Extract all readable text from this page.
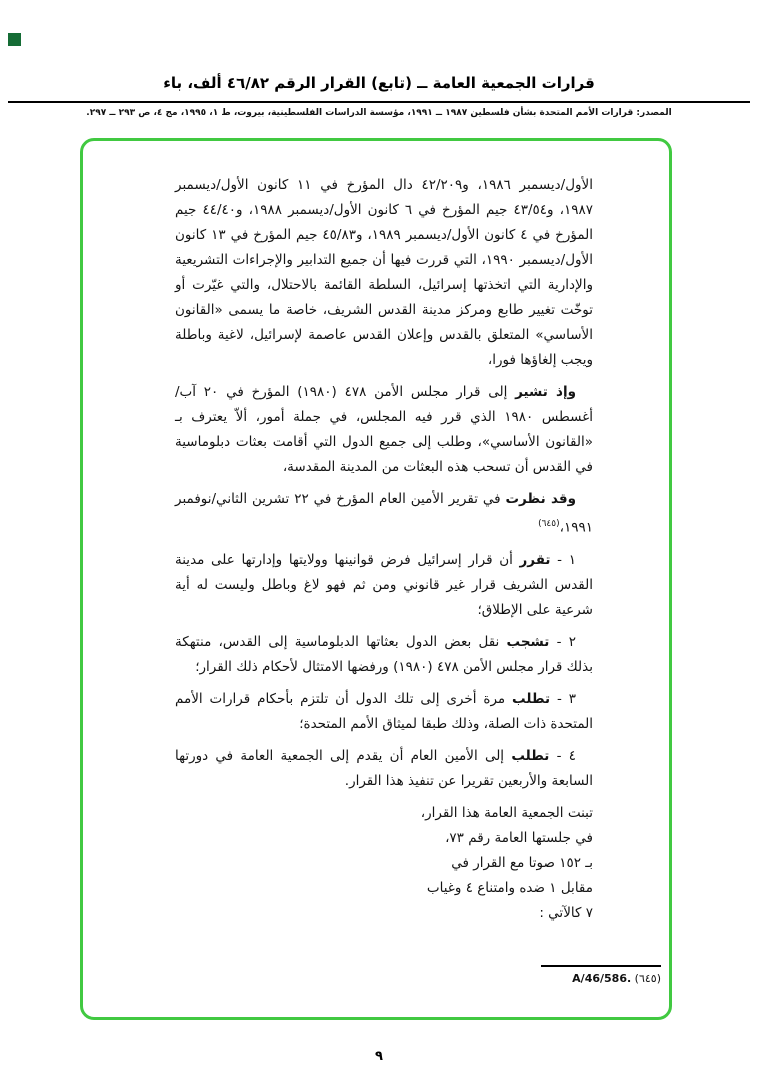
قرارات الجمعية العامة ــ (تابع) القرار الرقم ٤٦/٨٢ ألف، باء
المصدر: قرارات الأمم المتحدة بشأن فلسطين ١٩٨٧ ــ ١٩٩١، مؤسسة الدراسات الفلسطينية، بيروت، ط ١، ١٩٩٥، مج ٤، ص ٢٩٣ ــ ٢٩٧.

الأول/ديسمبر ١٩٨٦، و٤٢/٢٠٩ دال المؤرخ في ١١ كانون الأول/ديسمبر ١٩٨٧، و٤٣/٥٤ جيم المؤرخ في ٦ كانون الأول/ديسمبر ١٩٨٨، و٤٤/٤٠ جيم المؤرخ في ٤ كانون الأول/ديسمبر ١٩٨٩، و٤٥/٨٣ جيم المؤرخ في ١٣ كانون الأول/ديسمبر ١٩٩٠، التي قررت فيها أن جميع التدابير والإجراءات التشريعية والإدارية التي اتخذتها إسرائيل، السلطة القائمة بالاحتلال، والتي غيّرت أو توخّت تغيير طابع ومركز مدينة القدس الشريف، خاصة ما يسمى «القانون الأساسي» المتعلق بالقدس وإعلان القدس عاصمة لإسرائيل، لاغية وباطلة ويجب إلغاؤها فورا،

وإذ تشير إلى قرار مجلس الأمن ٤٧٨ (١٩٨٠) المؤرخ في ٢٠ آب/أغسطس ١٩٨٠ الذي قرر فيه المجلس، في جملة أمور، ألاّ يعترف بـ «القانون الأساسي»، وطلب إلى جميع الدول التي أقامت بعثات دبلوماسية في القدس أن تسحب هذه البعثات من المدينة المقدسة،

وقد نظرت في تقرير الأمين العام المؤرخ في ٢٢ تشرين الثاني/نوفمبر ١٩٩١،$^{(٦٤٥)}$

١ - تقرر أن قرار إسرائيل فرض قوانينها وولايتها وإدارتها على مدينة القدس الشريف قرار غير قانوني ومن ثم فهو لاغ وباطل وليست له أية شرعية على الإطلاق؛

٢ - تشجب نقل بعض الدول بعثاتها الدبلوماسية إلى القدس، منتهكة بذلك قرار مجلس الأمن ٤٧٨ (١٩٨٠) ورفضها الامتثال لأحكام ذلك القرار؛

٣ - تطلب مرة أخرى إلى تلك الدول أن تلتزم بأحكام قرارات الأمم المتحدة ذات الصلة، وذلك طبقا لميثاق الأمم المتحدة؛

٤ - تطلب إلى الأمين العام أن يقدم إلى الجمعية العامة في دورتها السابعة والأربعين تقريرا عن تنفيذ هذا القرار.

تبنت الجمعية العامة هذا القرار،
في جلستها العامة رقم ٧٣،
بـ ١٥٢ صوتا مع القرار في
مقابل ١ ضده وامتناع ٤ وغياب
٧ كالآتي :
A/46/586. (٦٤٥)
٩
